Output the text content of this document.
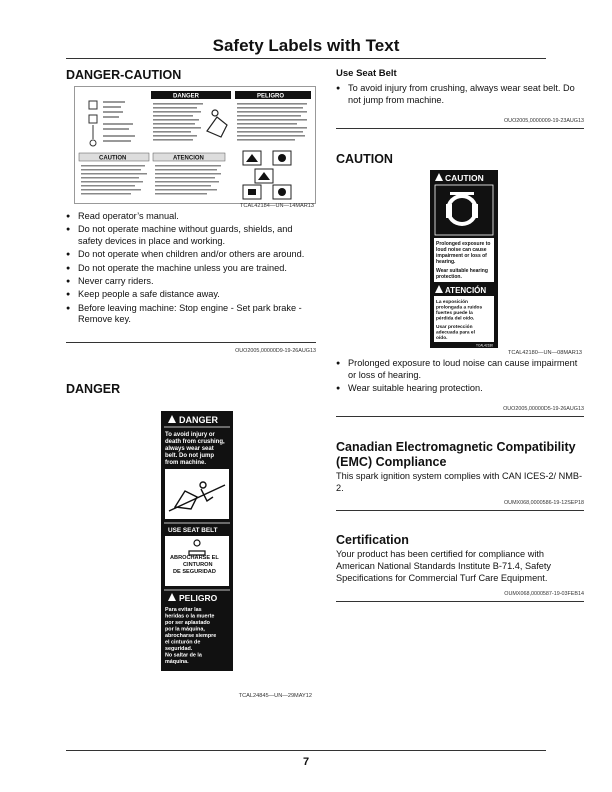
Safety Labels with Text
DANGER-CAUTION
DANGER	PELIGRO
CAUTION	ATENCION
TCAL42184—UN—14MAR13
● Read operator’s manual.
● Do not operate machine without guards, shields, and safety devices in place and working.
● Do not operate when children and/or others are around.
● Do not operate the machine unless you are trained.
● Never carry riders.
● Keep people a safe distance away.
● Before leaving machine: Stop engine - Set park brake - Remove key.
OUO2005,00000D9-19-26AUG13
DANGER
DANGER
To avoid injury or
death from crushing,
always wear seat
belt. Do not jump
from machine.
USE SEAT BELT
ABROCHARSE EL
CINTURON
DE SEGURIDAD
PELIGRO
Para evitar las
heridas o la muerte
por ser aplastado
por la máquina,
abrocharse siempre
el cinturón de
seguridad.
No saltar de la
máquina.
TCAL24845—UN—29MAY12
Use Seat Belt
● To avoid injury from crushing, always wear seat belt. Do not jump from machine.
OUO2005,0000009-19-23AUG13
CAUTION
CAUTION
Prolonged exposure to
loud noise can cause
impairment or loss of
hearing.
Wear suitable hearing
protection.
ATENCIÓN
La exposición
prolongada a ruidos
fuertes puede la
pérdida del oído.
Usar protección
adecuada para el
oído.
TCAL42180
TCAL42180—UN—08MAR13
● Prolonged exposure to loud noise can cause impairment or loss of hearing.
● Wear suitable hearing protection.
OUO2005,00000D5-19-26AUG13
Canadian Electromagnetic Compatibility (EMC) Compliance

This spark ignition system complies with CAN ICES-2/ NMB-2.

OUMX068,0000586-19-12SEP18
Certification

Your product has been certified for compliance with American National Standards Institute B-71.4, Safety Specifications for Commercial Turf Care Equipment.

OUMX068,0000587-19-03FEB14
7
